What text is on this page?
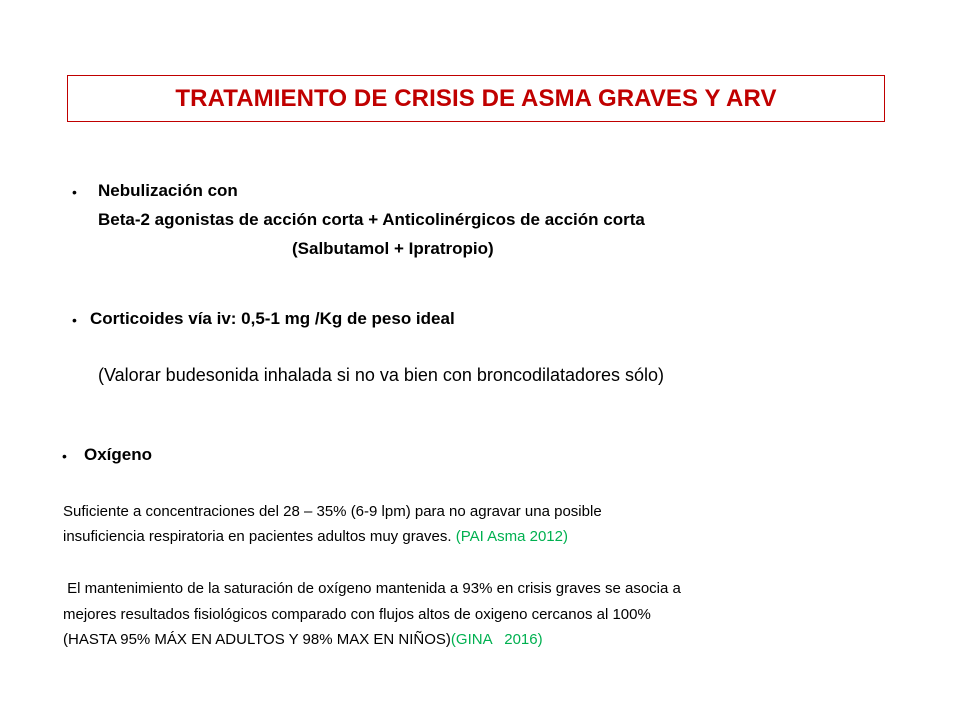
TRATAMIENTO DE CRISIS DE ASMA GRAVES Y ARV
• Nebulización con
Beta-2 agonistas de acción corta + Anticolinérgicos de acción corta
(Salbutamol + Ipratropio)
• Corticoides vía iv: 0,5-1 mg /Kg de peso ideal
(Valorar budesonida inhalada si no va bien con broncodilatadores sólo)
• Oxígeno
Suficiente a concentraciones del 28 – 35% (6-9 lpm) para no agravar una posible
insuficiencia respiratoria en pacientes adultos muy graves. (PAI Asma 2012)
El mantenimiento de la saturación de oxígeno mantenida a 93% en crisis graves se asocia a
mejores resultados fisiológicos comparado con flujos altos de oxigeno cercanos al 100%
(HASTA 95% MÁX EN ADULTOS Y 98% MAX EN NIÑOS)(GINA   2016)
